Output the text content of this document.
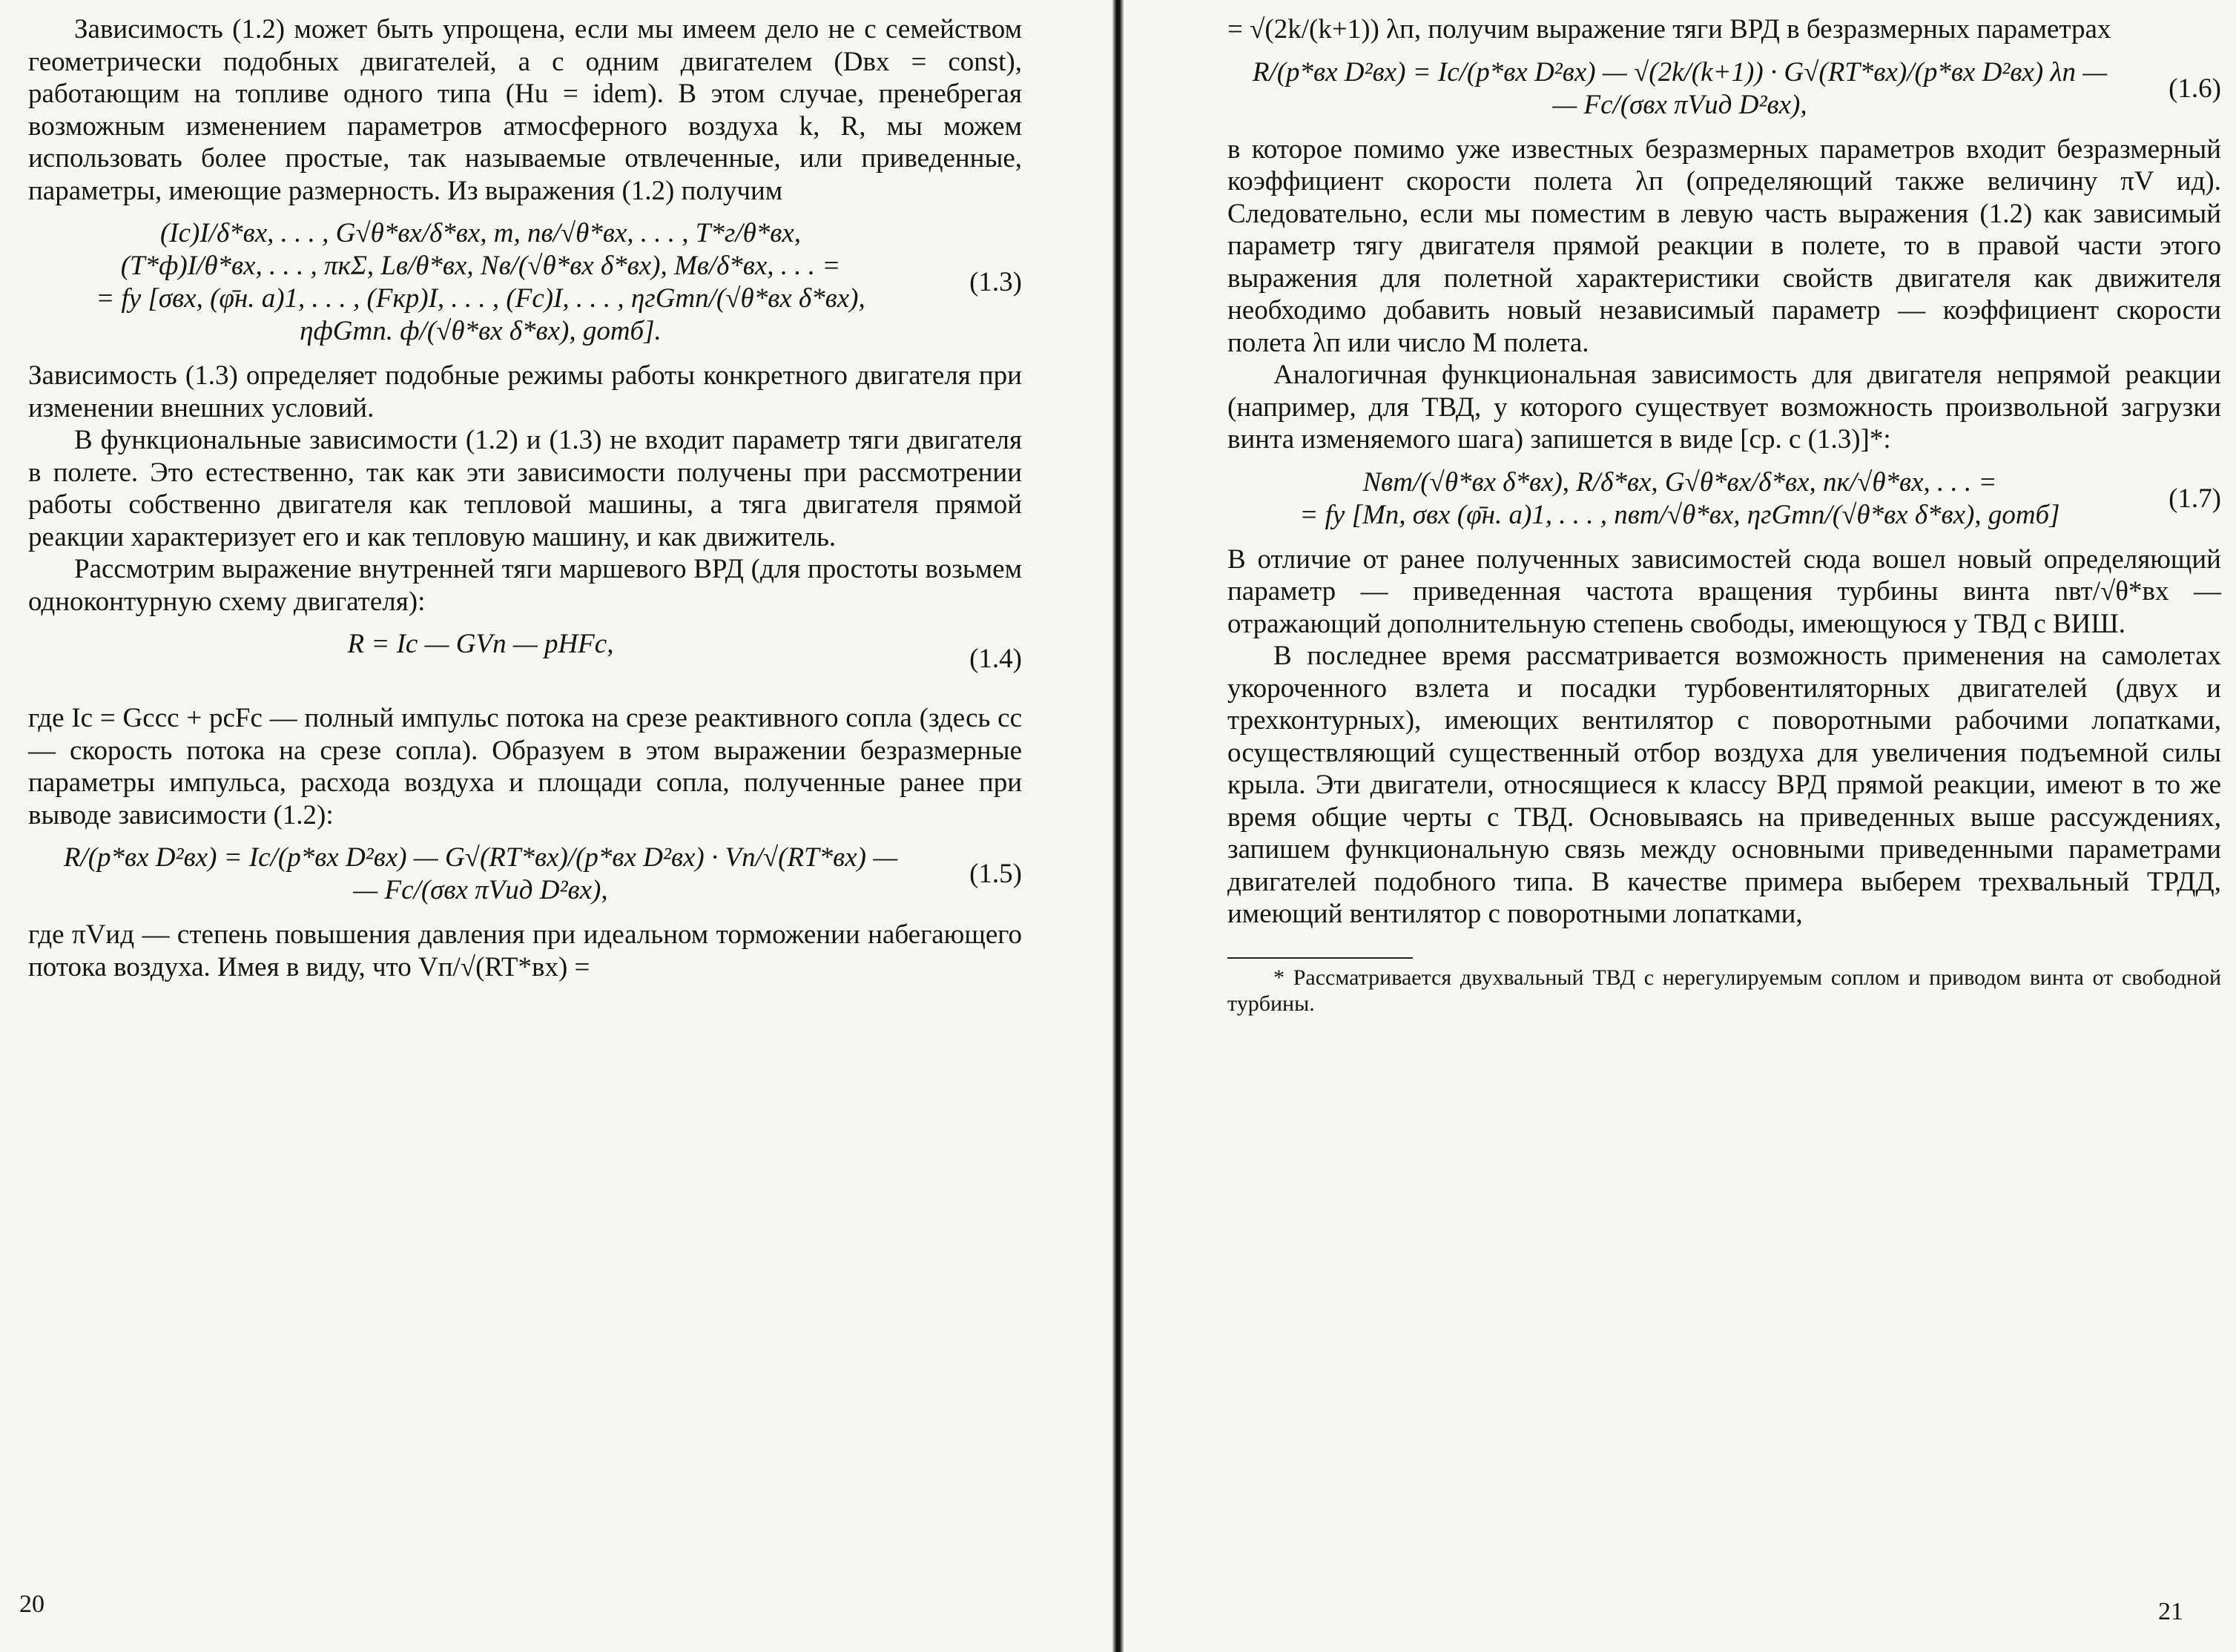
Зависимость (1.2) может быть упрощена, если мы имеем дело не с семейством геометрически подобных двигателей, а с одним двигателем (Dвх = const), работающим на топливе одного типа (Hu = idem). В этом случае, пренебрегая возможным изменением параметров атмосферного воздуха k, R, мы можем использовать более простые, так называемые отвлеченные, или приведенные, параметры, имеющие размерность. Из выражения (1.2) получим

(Iс)I/δ*вх, . . . , G√θ*вх/δ*вх, m, nв/√θ*вх, . . . , T*г/θ*вх,
(T*ф)I/θ*вх, . . . , πкΣ, Lв/θ*вх, Nв/(√θ*вх δ*вх), Mв/δ*вх, . . . =
= fу [σвх, (φ̄н. а)1, . . . , (Fкр)I, . . . , (Fс)I, . . . , ηгGтп/(√θ*вх δ*вх),
ηфGтп. ф/(√θ*вх δ*вх), gотб].
(1.3)

Зависимость (1.3) определяет подобные режимы работы конкретного двигателя при изменении внешних условий.

В функциональные зависимости (1.2) и (1.3) не входит параметр тяги двигателя в полете. Это естественно, так как эти зависимости получены при рассмотрении работы собственно двигателя как тепловой машины, а тяга двигателя прямой реакции характеризует его и как тепловую машину, и как движитель.

Рассмотрим выражение внутренней тяги маршевого ВРД (для простоты возьмем одноконтурную схему двигателя):

R = Iс — GVп — pHFс,	(1.4)

где Iс = Gсcс + pсFс — полный импульс потока на срезе реактивного сопла (здесь cс — скорость потока на срезе сопла). Образуем в этом выражении безразмерные параметры импульса, расхода воздуха и площади сопла, полученные ранее при выводе зависимости (1.2):

R/(p*вх D²вх) = Iс/(p*вх D²вх) — G√(RT*вх)/(p*вх D²вх) · Vп/√(RT*вх) —
— Fс/(σвх πVид D²вх),
(1.5)

где πVид — степень повышения давления при идеальном торможении набегающего потока воздуха. Имея в виду, что Vп/√(RT*вх) =

20

= √(2k/(k+1)) λп, получим выражение тяги ВРД в безразмерных параметрах

R/(p*вх D²вх) = Iс/(p*вх D²вх) — √(2k/(k+1)) · G√(RT*вх)/(p*вх D²вх) λп —
— Fс/(σвх πVид D²вх),
(1.6)

в которое помимо уже известных безразмерных параметров входит безразмерный коэффициент скорости полета λп (определяющий также величину πV ид). Следовательно, если мы поместим в левую часть выражения (1.2) как зависимый параметр тягу двигателя прямой реакции в полете, то в правой части этого выражения для полетной характеристики свойств двигателя как движителя необходимо добавить новый независимый параметр — коэффициент скорости полета λп или число М полета.

Аналогичная функциональная зависимость для двигателя непрямой реакции (например, для ТВД, у которого существует возможность произвольной загрузки винта изменяемого шага) запишется в виде [ср. с (1.3)]*:

Nвт/(√θ*вх δ*вх), R/δ*вх, G√θ*вх/δ*вх, nк/√θ*вх, . . . =
= fу [Mп, σвх (φ̄н. а)1, . . . , nвт/√θ*вх, ηгGтп/(√θ*вх δ*вх), gотб]
(1.7)

В отличие от ранее полученных зависимостей сюда вошел новый определяющий параметр — приведенная частота вращения турбины винта nвт/√θ*вх — отражающий дополнительную степень свободы, имеющуюся у ТВД с ВИШ.

В последнее время рассматривается возможность применения на самолетах укороченного взлета и посадки турбовентиляторных двигателей (двух и трехконтурных), имеющих вентилятор с поворотными рабочими лопатками, осуществляющий существенный отбор воздуха для увеличения подъемной силы крыла. Эти двигатели, относящиеся к классу ВРД прямой реакции, имеют в то же время общие черты с ТВД. Основываясь на приведенных выше рассуждениях, запишем функциональную связь между основными приведенными параметрами двигателей подобного типа. В качестве примера выберем трехвальный ТРДД, имеющий вентилятор с поворотными лопатками,

* Рассматривается двухвальный ТВД с нерегулируемым соплом и приводом винта от свободной турбины.

21
